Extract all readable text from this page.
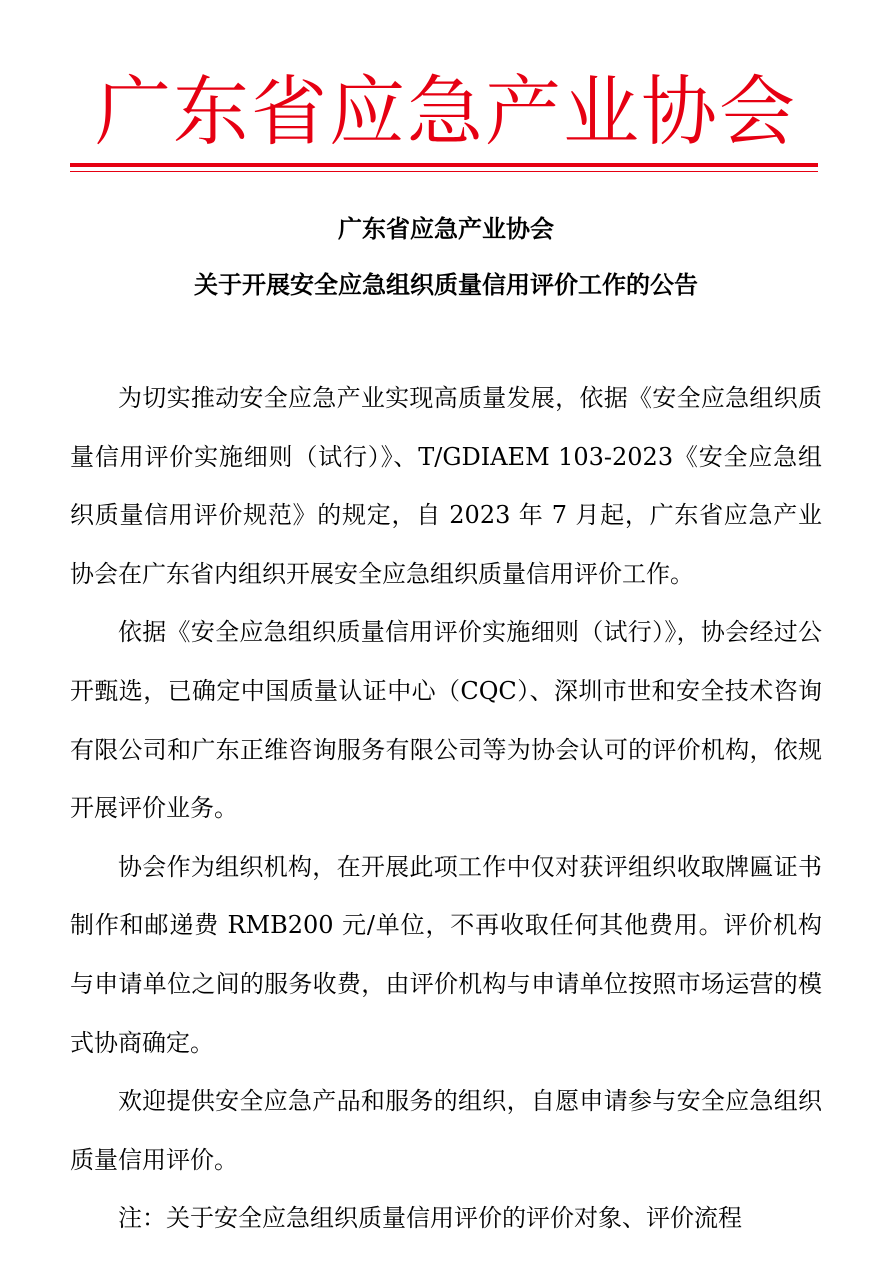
广东省应急产业协会
广东省应急产业协会
关于开展安全应急组织质量信用评价工作的公告

为切实推动安全应急产业实现高质量发展，依据《安全应急组织质量信用评价实施细则（试行）》、T/GDIAEM 103-2023《安全应急组织质量信用评价规范》的规定，自 2023 年 7 月起，广东省应急产业协会在广东省内组织开展安全应急组织质量信用评价工作。

依据《安全应急组织质量信用评价实施细则（试行）》，协会经过公开甄选，已确定中国质量认证中心（CQC）、深圳市世和安全技术咨询有限公司和广东正维咨询服务有限公司等为协会认可的评价机构，依规开展评价业务。

协会作为组织机构，在开展此项工作中仅对获评组织收取牌匾证书制作和邮递费 RMB200 元/单位，不再收取任何其他费用。评价机构与申请单位之间的服务收费，由评价机构与申请单位按照市场运营的模式协商确定。

欢迎提供安全应急产品和服务的组织，自愿申请参与安全应急组织质量信用评价。

注：关于安全应急组织质量信用评价的评价对象、评价流程
